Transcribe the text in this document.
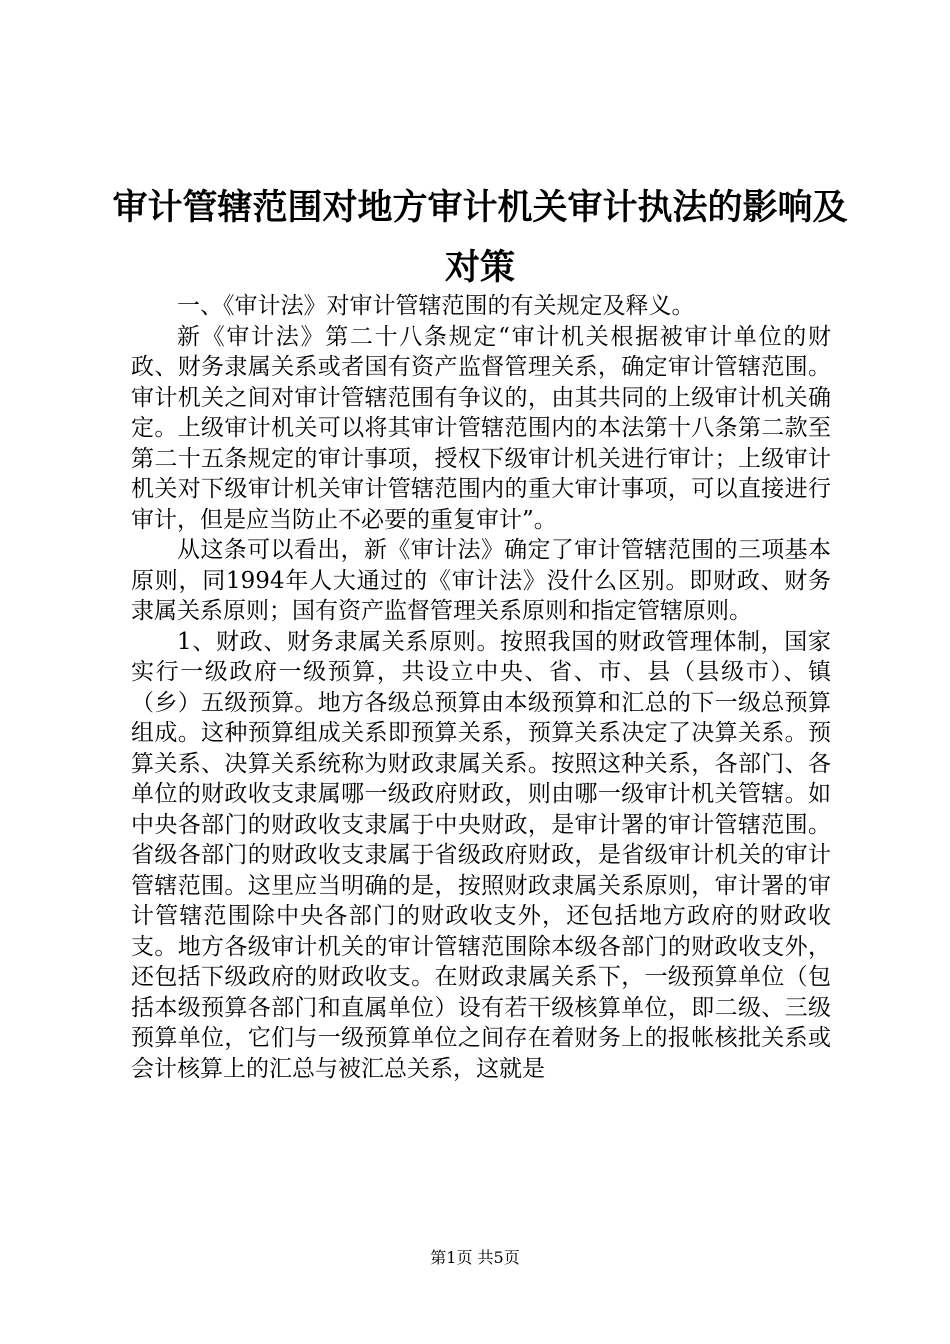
审计管辖范围对地方审计机关审计执法的影响及对策

一、《审计法》对审计管辖范围的有关规定及释义。

新《审计法》第二十八条规定“审计机关根据被审计单位的财政、财务隶属关系或者国有资产监督管理关系，确定审计管辖范围。审计机关之间对审计管辖范围有争议的，由其共同的上级审计机关确定。上级审计机关可以将其审计管辖范围内的本法第十八条第二款至第二十五条规定的审计事项，授权下级审计机关进行审计；上级审计机关对下级审计机关审计管辖范围内的重大审计事项，可以直接进行审计，但是应当防止不必要的重复审计”。

从这条可以看出，新《审计法》确定了审计管辖范围的三项基本原则，同1994年人大通过的《审计法》没什么区别。即财政、财务隶属关系原则；国有资产监督管理关系原则和指定管辖原则。

1、财政、财务隶属关系原则。按照我国的财政管理体制，国家实行一级政府一级预算，共设立中央、省、市、县（县级市）、镇（乡）五级预算。地方各级总预算由本级预算和汇总的下一级总预算组成。这种预算组成关系即预算关系，预算关系决定了决算关系。预算关系、决算关系统称为财政隶属关系。按照这种关系，各部门、各单位的财政收支隶属哪一级政府财政，则由哪一级审计机关管辖。如中央各部门的财政收支隶属于中央财政，是审计署的审计管辖范围。省级各部门的财政收支隶属于省级政府财政，是省级审计机关的审计管辖范围。这里应当明确的是，按照财政隶属关系原则，审计署的审计管辖范围除中央各部门的财政收支外，还包括地方政府的财政收支。地方各级审计机关的审计管辖范围除本级各部门的财政收支外，还包括下级政府的财政收支。在财政隶属关系下，一级预算单位（包括本级预算各部门和直属单位）设有若干级核算单位，即二级、三级预算单位，它们与一级预算单位之间存在着财务上的报帐核批关系或会计核算上的汇总与被汇总关系，这就是

第1页 共5页
